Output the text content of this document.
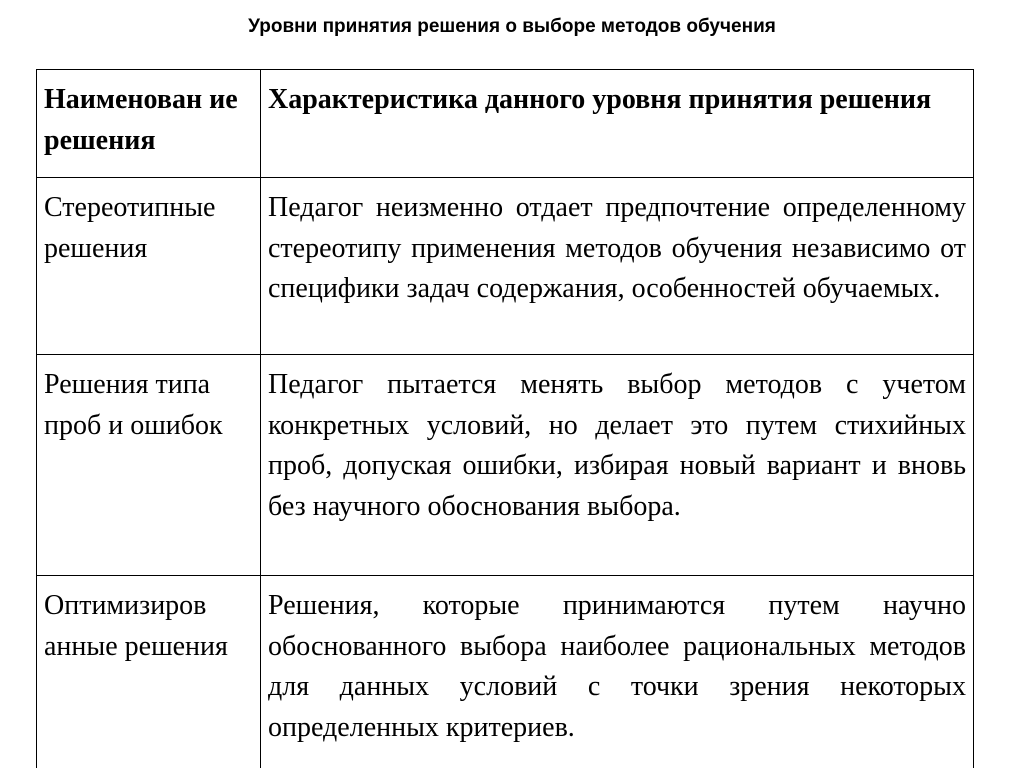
Уровни принятия решения о выборе методов обучения
Наименован ие решения	Характеристика данного уровня принятия решения
Стереотипные решения	Педагог неизменно отдает предпочтение определенному стереотипу применения методов обучения независимо от специфики задач содержания, особенностей обучаемых.
Решения типа проб и ошибок	Педагог пытается менять выбор методов с учетом конкретных условий, но делает это путем стихийных проб, допуская ошибки, избирая новый вариант и вновь без научного обоснования выбора.
Оптимизиров анные решения	Решения, которые принимаются путем научно обоснованного выбора наиболее рациональных методов для данных условий с точки зрения некоторых определенных критериев.
